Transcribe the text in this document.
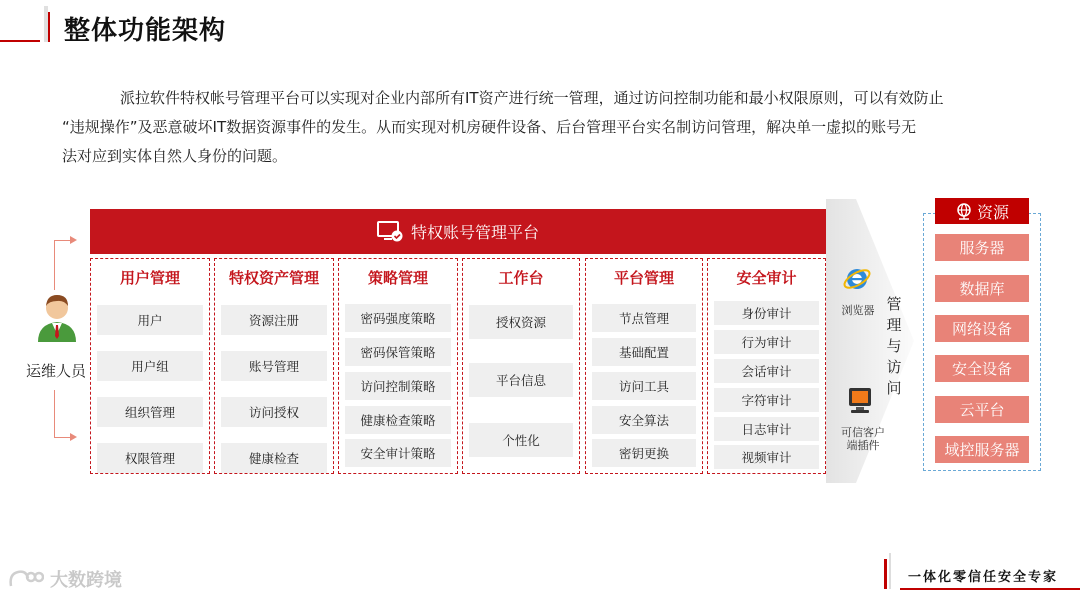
整体功能架构

派拉软件特权帐号管理平台可以实现对企业内部所有IT资产进行统一管理，通过访问控制功能和最小权限原则，可以有效防止

“违规操作”及恶意破坏IT数据资源事件的发生。从而实现对机房硬件设备、后台管理平台实名制访问管理，解决单一虚拟的账号无

法对应到实体自然人身份的问题。

特权账号管理平台
用户管理
用户
用户组
组织管理
权限管理
特权资产管理
资源注册
账号管理
访问授权
健康检查
策略管理
密码强度策略
密码保管策略
访问控制策略
健康检查策略
安全审计策略
工作台
授权资源
平台信息
个性化
平台管理
节点管理
基础配置
访问工具
安全算法
密钥更换
安全审计
身份审计
行为审计
会话审计
字符审计
日志审计
视频审计
运维人员
浏览器
可信客户
端插件
管理与访问
资源
服务器
数据库
网络设备
安全设备
云平台
域控服务器
大数跨境	一体化零信任安全专家
